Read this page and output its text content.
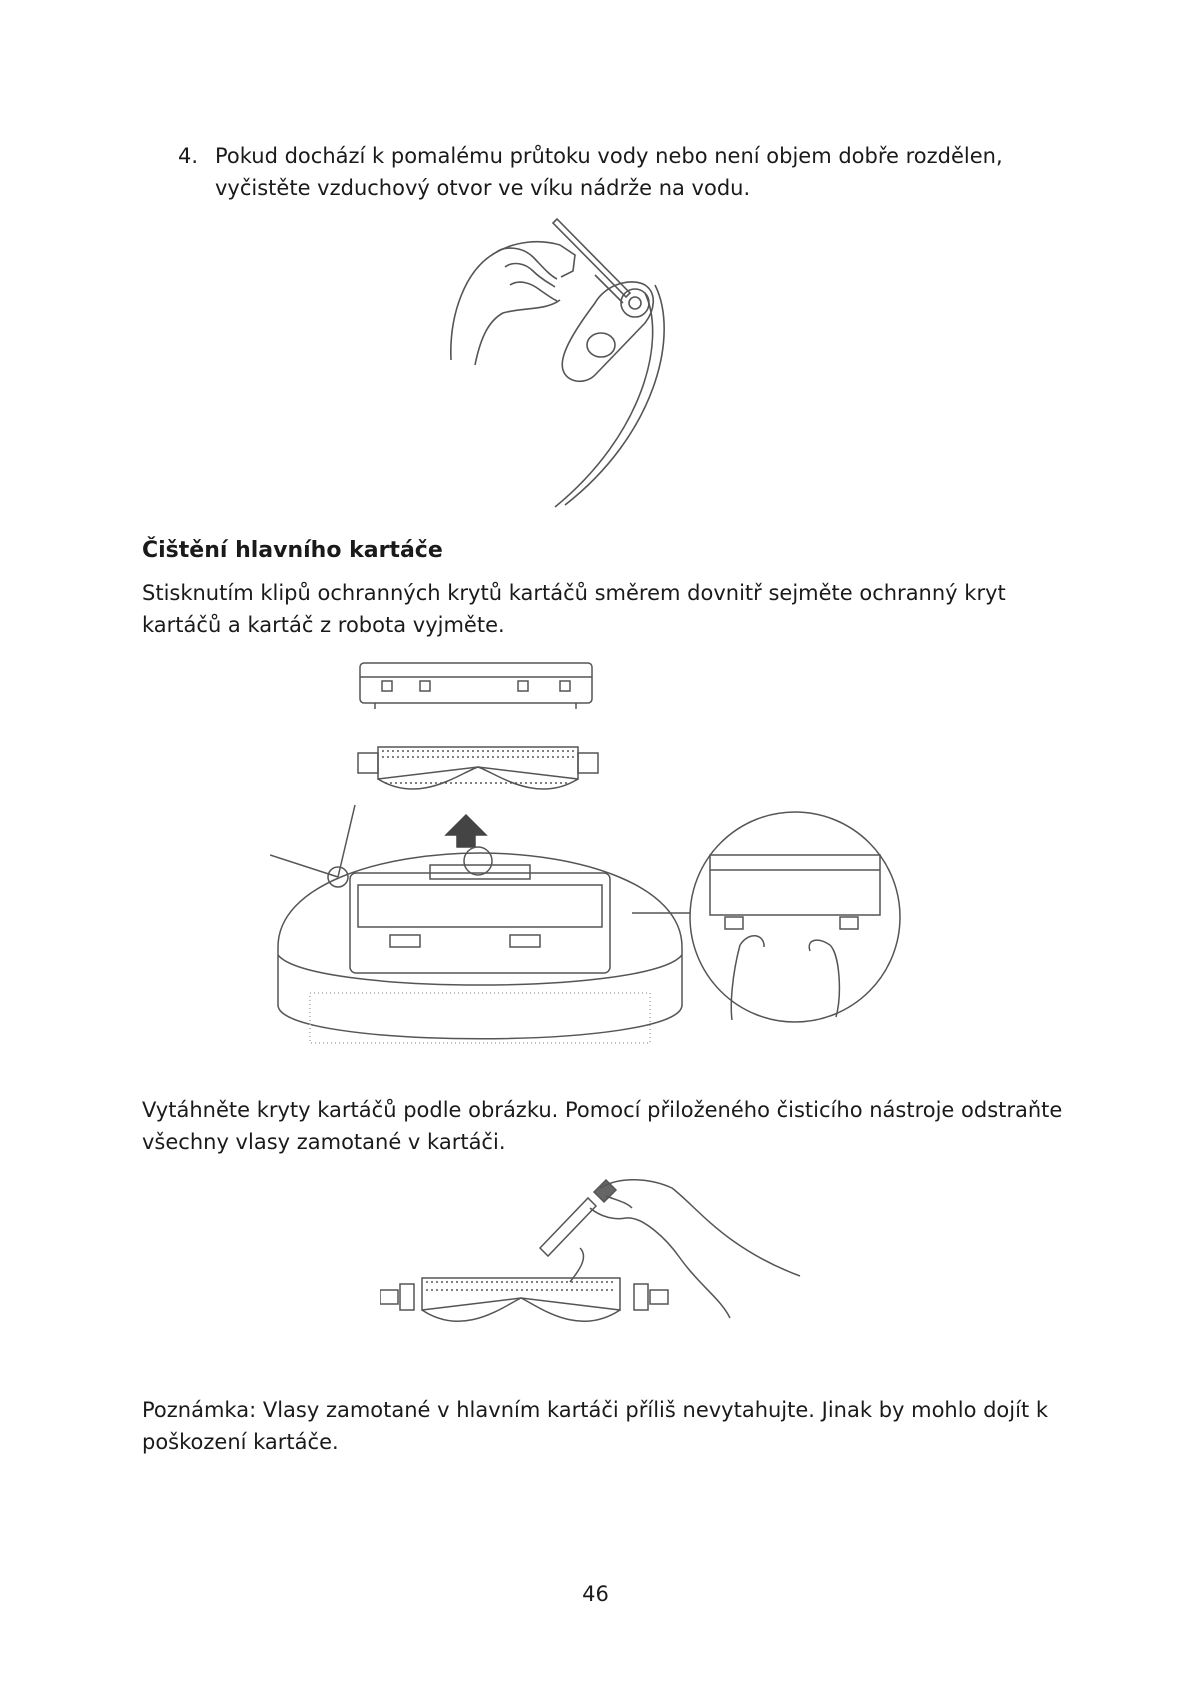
4. Pokud dochází k pomalému průtoku vody nebo není objem dobře rozdělen, vyčistěte vzduchový otvor ve víku nádrže na vodu.
Čištění hlavního kartáče

Stisknutím klipů ochranných krytů kartáčů směrem dovnitř sejměte ochranný kryt kartáčů a kartáč z robota vyjměte.

Vytáhněte kryty kartáčů podle obrázku. Pomocí přiloženého čisticího nástroje odstraňte všechny vlasy zamotané v kartáči.

Poznámka: Vlasy zamotané v hlavním kartáči příliš nevytahujte. Jinak by mohlo dojít k poškození kartáče.

46
